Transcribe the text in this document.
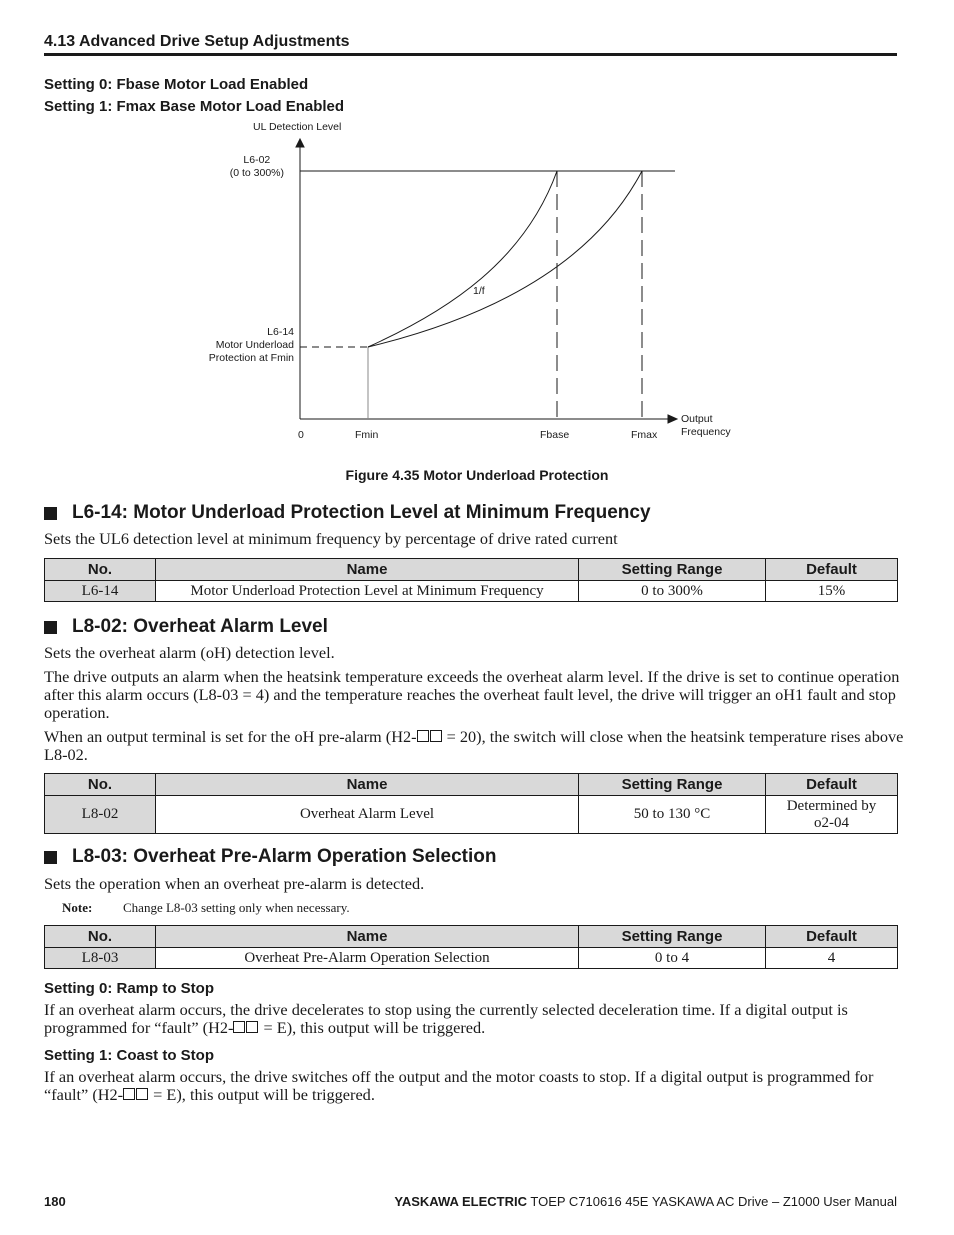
4.13 Advanced Drive Setup Adjustments
Setting 0: Fbase Motor Load Enabled
Setting 1: Fmax Base Motor Load Enabled
UL Detection Level
L6-02
(0 to 300%)
L6-14
Motor Underload
Protection at Fmin
1/f
0	Fmin	Fbase	Fmax
Output
Frequency
Figure 4.35 Motor Underload Protection
L6-14: Motor Underload Protection Level at Minimum Frequency
Sets the UL6 detection level at minimum frequency by percentage of drive rated current
No.	Name	Setting Range	Default
L6-14	Motor Underload Protection Level at Minimum Frequency	0 to 300%	15%
L8-02: Overheat Alarm Level
Sets the overheat alarm (oH) detection level.
The drive outputs an alarm when the heatsink temperature exceeds the overheat alarm level. If the drive is set to continue operation after this alarm occurs (L8-03 = 4) and the temperature reaches the overheat fault level, the drive will trigger an oH1 fault and stop operation.
When an output terminal is set for the oH pre-alarm (H2- = 20), the switch will close when the heatsink temperature rises above L8-02.
No.	Name	Setting Range	Default
L8-02	Overheat Alarm Level	50 to 130 °C	Determined by
o2-04
L8-03: Overheat Pre-Alarm Operation Selection
Sets the operation when an overheat pre-alarm is detected.
Note: Change L8-03 setting only when necessary.
No.	Name	Setting Range	Default
L8-03	Overheat Pre-Alarm Operation Selection	0 to 4	4
Setting 0: Ramp to Stop
If an overheat alarm occurs, the drive decelerates to stop using the currently selected deceleration time. If a digital output is programmed for “fault” (H2- = E), this output will be triggered.
Setting 1: Coast to Stop
If an overheat alarm occurs, the drive switches off the output and the motor coasts to stop. If a digital output is programmed for “fault” (H2- = E), this output will be triggered.
180	YASKAWA ELECTRIC TOEP C710616 45E YASKAWA AC Drive – Z1000 User Manual
